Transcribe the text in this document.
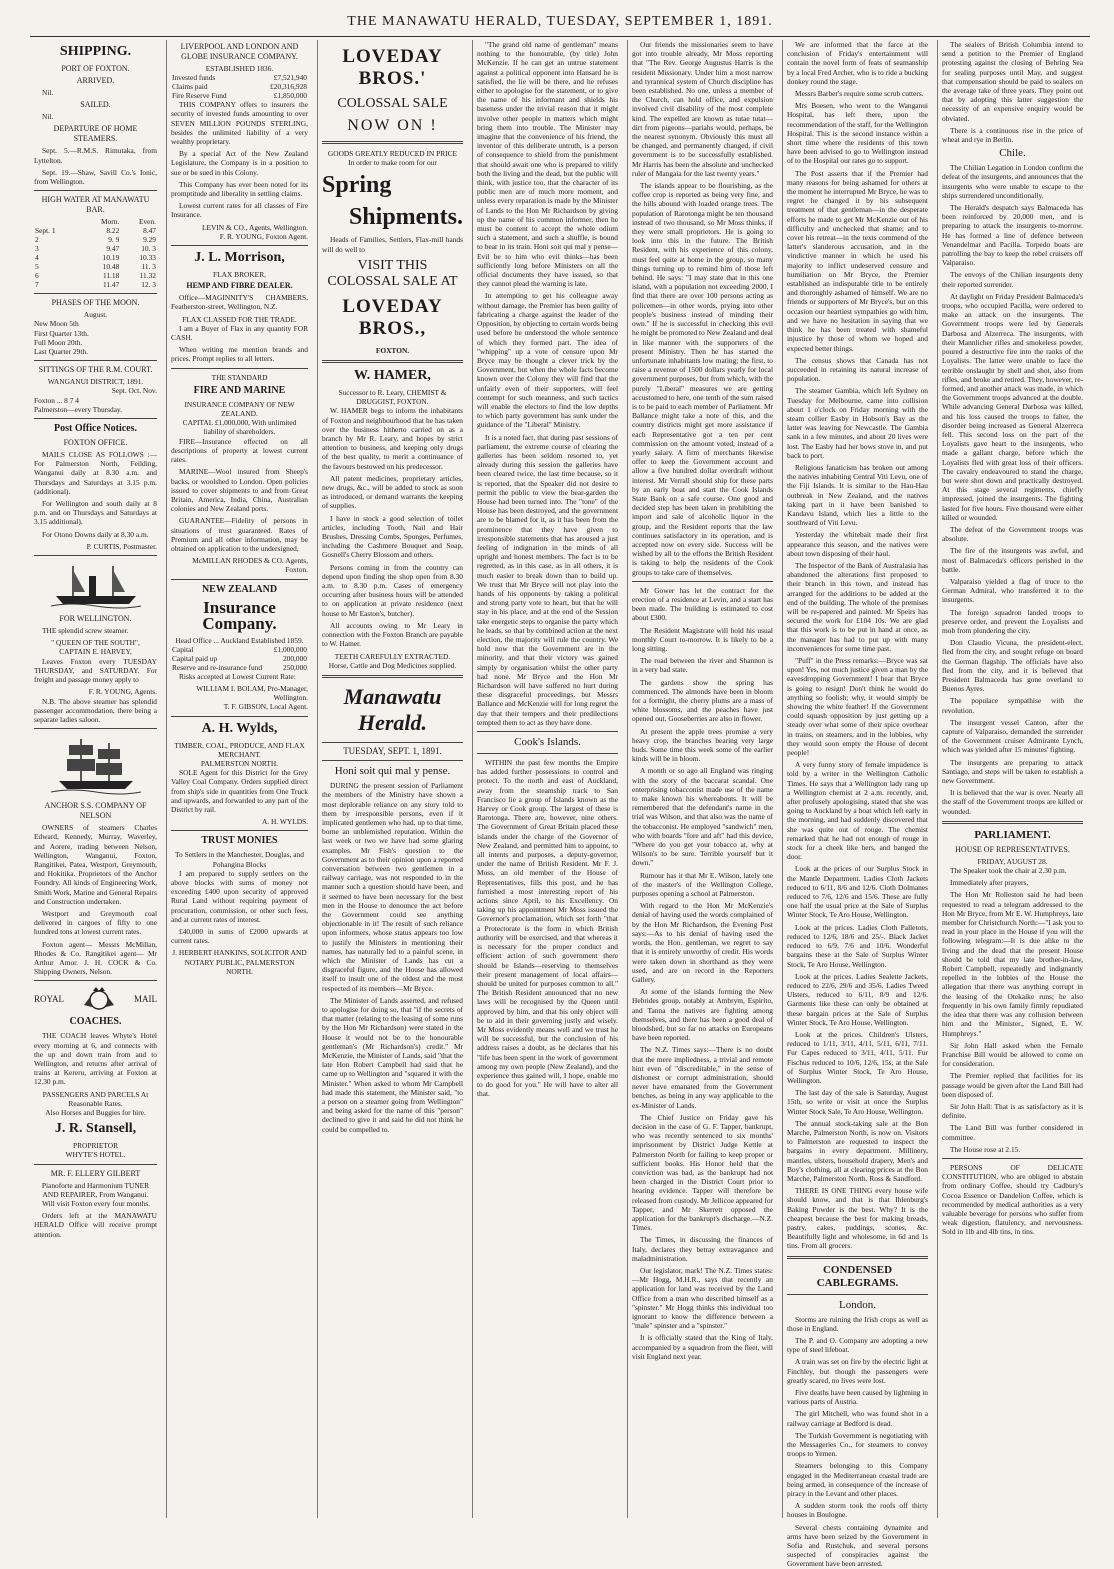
THE MANAWATU HERALD, TUESDAY, SEPTEMBER 1, 1891.
SHIPPING.
PORT OF FOXTON.
ARRIVED.

Nil.

SAILED.

Nil.

DEPARTURE OF HOME STEAMERS.

Sept. 5.—R.M.S. Rimutaka, from Lyttelton.

Sept. 19.—Shaw, Savill Co.'s Ionic, from Wellington.

HIGH WATER AT MANAWATU BAR.
		Morn.	Even.
Sept. 1		8.22	8.47
2		9. 9	9.29
3		9.47	10. 3
4		10.19	10.33
5		10.48	11. 3
6		11.18	11.32
7		11.47	12. 3
PHASES OF THE MOON.
August.
New Moon 5th
First Quarter 13th.
Full Moon 20th.
Last Quarter 29th.
SITTINGS OF THE R.M. COURT.
WANGANUI DISTRICT, 1891.
Sept. Oct. Nov.
Foxton ... 8 7 4
Palmerston—every Thursday.
Post Office Notices.
FOXTON OFFICE.

MAILS CLOSE AS FOLLOWS :— For Palmerston North, Feilding, Wanganui daily at 8.30 a.m. and Thursdays and Saturdays at 3.15 p.m. (additional).

For Wellington and south daily at 8 p.m. and on Thursdays and Saturdays at 3.15 additional).

For Otono Downs daily at 8.30 a.m.

P. CURTIS, Postmaster.
FOR WELLINGTON.

THE splendid screw steamer.

" QUEEN OF THE SOUTH",
CAPTAIN E. HARVEY,

Leaves Foxton every TUESDAY THURSDAY, and SATURDAY. For freight and passage money apply to

F. R. YOUNG, Agents.

N.B. The above steamer has splendid passenger accommodation, there being a separate ladies saloon.

ANCHOR S.S. COMPANY OF NELSON

OWNERS of steamers Charles Edward, Kennedy, Murray, Waverley, and Aorere, trading between Nelson, Wellington, Wanganui, Foxton, Rangitikei, Patea, Westport, Greymouth, and Hokitika. Proprietors of the Anchor Foundry. All kinds of Engineering Work, Smith Work, Marine and General Repairs and Construction undertaken.

Westport and Greymouth coal delivered in cargoes of fifty to one hundred tons at lowest current rates.

Foxton agent— Messrs McMillan, Rhodes & Co. Rangitikei agent— Mr Arthur Amor. J. H. COCK & Co. Shipping Owners, Nelson.

ROYAL	MAIL
COACHES.

THE COACH leaves Whyte's Hotel every morning at 6, and connects with the up and down train from and to Wellington, and returns after arrival of trains at Kereru, arriving at Foxton at 12.30 p.m.

PASSENGERS AND PARCELS At Reasonable Rates.
Also Horses and Buggies for hire.
J. R. Stansell,
PROPRIETOR
WHYTE'S HOTEL.
MR. F. ELLERY GILBERT
Pianoforte and Harmonium TUNER AND REPAIRER, From Wanganui.

Will visit Foxton every four months.

Orders left at the MANAWATU HERALD Office will receive prompt attention.

LIVERPOOL AND LONDON AND GLOBE INSURANCE COMPANY.
ESTABLISHED 1836.
Invested funds	£7,521,940
Claims paid	£20,316,928
Fire Reserve Fund	£1,850,000

THIS COMPANY offers to insurers the security of invested funds amounting to over SEVEN MILLION POUNDS STERLING, besides the unlimited liability of a very wealthy proprietary.

By a special Act of the New Zealand Legislature, the Company is in a position to sue or be sued in this Colony.

This Company has ever been noted for its promptitude and liberality in settling claims.

Lowest current rates for all classes of Fire Insurance.

LEVIN & CO., Agents, Wellington.
F. R. YOUNG, Foxton Agent.
J. L. Morrison,
FLAX BROKER,
HEMP AND FIBRE DEALER.

Office—MAGINNITY'S CHAMBERS, Featherston-street, Wellington, N.Z.

FLAX CLASSED FOR THE TRADE.

I am a Buyer of Flax in any quantity FOR CASH.

When writing me mention brands and prices. Prompt replies to all letters.

THE STANDARD
FIRE AND MARINE
INSURANCE COMPANY OF NEW ZEALAND.
CAPITAL £1,000,000, With unlimited liability of shareholders.

FIRE—Insurance effected on all descriptions of property at lowest current rates.

MARINE—Wool insured from Sheep's backs, or woolshed to London. Open policies issued to cover shipments to and from Great Britain, America, India, China, Australian colonies and New Zealand ports.

GUARANTEE—Fidelity of persons in situations of trust guaranteed. Rates of Premium and all other information, may be obtained on application to the undersigned,

McMILLAN RHODES & CO. Agents, Foxton.
NEW ZEALAND
Insurance Company.
Head Office ... Auckland Established 1859.
Capital	£1,000,000
Capital paid up	200,000
Reserve and re-insurance fund	250,000

Risks accepted at Lowest Current Rate:

WILLIAM I. BOLAM, Pro-Manager, Wellington.
T. F. GIBSON, Local Agent.
A. H. Wylds,
TIMBER, COAL, PRODUCE, AND FLAX MERCHANT.
PALMERSTON NORTH.

SOLE Agent for this District for the Grey Valley Coal Company. Orders supplied direct from ship's side in quantities from One Truck and upwards, and forwarded to any part of the District by rail.

A. H. WYLDS.
TRUST MONIES
To Settlers in the Manchester, Douglas, and Pohangina Blocks

I am prepared to supply settlers on the above blocks with sums of money not exceeding £400 upon security of approved Rural Land without requiring payment of procuration, commission, or other such fees, and at current rates of interest.

£40,000 in sums of £2000 upwards at current rates.

J. HERBERT HANKINS, SOLICITOR AND NOTARY PUBLIC, PALMERSTON NORTH.
LOVEDAY BROS.'
COLOSSAL SALE
NOW ON !
GOODS GREATLY REDUCED IN PRICE
In order to make room for our
Spring
Shipments.

Heads of Families, Settlers, Flax-mill hands will do well to

VISIT THIS COLOSSAL SALE AT
LOVEDAY BROS.,
FOXTON.
W. HAMER,
Successor to R. Leary, CHEMIST & DRUGGIST, FOXTON.

W. HAMER begs to inform the inhabitants of Foxton and neighbourhood that he has taken over the business hitherto carried on as a branch by Mr R. Leary, and hopes by strict attention to business, and keeping only drugs of the best quality, to merit a continuance of the favours bestowed on his predecessor.

All patent medicines, proprietary articles, new drugs, &c., will be added to stock as soon as introduced, or demand warrants the keeping of supplies.

I have in stock a good selection of toilet articles, including Tooth, Nail and Hair Brushes, Dressing Combs, Sponges, Perfumes, including the Cashmere Bouquet and Soap, Gosnell's Cherry Blossom and others.

Persons coming in from the country can depend upon finding the shop open from 8.30 a.m. to 8.30 p.m. Cases of emergency occurring after business hours will be attended to on application at private residence (next house to Mr Easton's, butcher).

All accounts owing to Mr Leary in connection with the Foxton Branch are payable to W. Hamer.

TEETH CAREFULLY EXTRACTED.
Horse, Cattle and Dog Medicines supplied.
Manawatu Herald.
TUESDAY, SEPT. 1, 1891.
Honi soit qui mal y pense.

DURING the present session of Parliament the members of the Ministry have shown a most deplorable reliance on any story told to them by irresponsible persons, even if it implicated gentlemen who had, up to that time, borne an unblemished reputation. Within the last week or two we have had some glaring examples. Mr Fish's question to the Government as to their opinion upon a reported conversation between two gentlemen in a railway carriage, was not responded to in the manner such a question should have been, and it seemed to have been necessary for the best men in the House to denounce the act before the Government could see anything objectionable in it! The result of such reliance upon informers, whose status appears too low to justify the Ministers in mentioning their names, has naturally led to a painful scene, in which the Minister of Lands has cut a disgraceful figure, and the House has allowed itself to insult one of the oldest and the most respected of its members—Mr Bryce.

The Minister of Lands asserted, and refused to apologise for doing so, that "if the secrets of that matter (relating to the leasing of some runs by the Hon Mr Richardson) were stated in the House it would not be to the honourable gentleman's (Mr Richardson's) credit." Mr McKenzie, the Minister of Lands, said "that the late Hon Robert Campbell had said that he came up to Wellington and "squared it with the Minister." When asked to whom Mr Campbell had made this statement, the Minister said, "to a person on a steamer going from Wellington" and being asked for the name of this "person" declined to give it and said he did not think he could be compelled to.

"The grand old name of gentleman" means nothing to the honourable, (by title) John McKenzie. If he can get an untrue statement against a political opponent into Hansard he is satisfied, the lie will be there, and he refuses either to apologise for the statement, or to give the name of his informant and shields his baseness under the trivial reason that it might involve other people in matters which might bring them into trouble. The Minister may imagine that the convenience of his friend, the inventor of this deliberate untruth, is a person of consequence to shield from the punishment that should await one who is prepared to vilify both the living and the dead, but the public will think, with justice too, that the character of its public men are of much more moment, and unless every reparation is made by the Minister of Lands to the Hon Mr Richardson by giving up the name of his common informer, then he must be content to accept the whole odium such a statement, and such a shuffle, is bound to bear in its train. Honi soit qui mal y pense—Evil be to him who evil thinks—has been sufficiently long before Ministers on all the official documents they have issued, so that they cannot plead the warning is late.

In attempting to get his colleague away without damage, the Premier has been guilty of fabricating a charge against the leader of the Opposition, by objecting to certain words being used before he understood the whole sentence of which they formed part. The idea of "whipping" up a vote of censure upon Mr Bryce may be thought a clever trick by the Government, but when the whole facts become known over the Colony they will find that the unfairly even of their supporters, will feel contempt for such meanness, and such tactics will enable the electors to find the low depths to which party government has sunk under the guidance of the "Liberal" Ministry.

It is a noted fact, that during past sessions of parliament, the extreme course of clearing the galleries has been seldom resorted to, yet already during this session the galleries have been cleared twice, the last time because, so it is reported, that the Speaker did not desire to permit the public to view the bear-garden the House had been turned into. The "tone" of the House has been destroyed, and the government are to be blamed for it, as it has been from the prominence that they have given to irresponsible statements that has aroused a just feeling of indignation in the minds of all upright and honest members. The fact is to be regretted, as in this case, as in all others, it is much easier to break down than to build up. We trust that Mr Bryce will not play into the hands of his opponents by taking a political and strong party vote to heart, but that he will stay in his place, and at the end of the Session take energetic steps to organise the party which he leads, so that by combined action at the next election, the majority will rule the country. We hold now that the Government are in the minority, and that their victory was gained simply by organisation whilst the other party had none. Mr Bryce and the Hon Mr Richardson will have suffered no hurt during these disgraceful proceedings, but Messrs Ballance and McKenzie will for long regret the day that their tempers and their predilections tempted them to act as they have done.

Cook's Islands.

WITHIN the past few months the Empire has added further possessions to control and protect. To the north and east of Auckland, away from the steamship track to San Francisco lie a group of Islands known as the Harvey or Cook group. The largest of these is Rarotonga. There are, however, nine others. The Government of Great Britain placed these islands under the charge of the Governor of New Zealand, and permitted him to appoint, to all intents and purposes, a deputy-governor, under the name of British Resident. Mr F. J. Moss, an old member of the House of Representatives, fills this post, and he has furnished a most interesting report of his actions since April, to his Excellency. On taking up his appointment Mr Moss issued the Governor's proclamation, which set forth "that a Protectorate is the form in which British authority will be exercised, and that whereas it is necessary for the proper conduct and efficient action of such government there should be Islands—reserving to themselves their present management of local affairs—should be united for purposes common to all." The British Resident announced that no new laws will be recognised by the Queen until approved by him, and that his only object will be to aid in their governing justly and wisely. Mr Moss evidently means well and we trust he will be successful, but the conclusion of his address raises a doubt, as he declares that his "life has been spent in the work of government among my own people (New Zealand), and the experience thus gained will, I hope, enable me to do good for you." He will have to alter all that.

Our friends the missionaries seem to have got into trouble already, Mr Moss reporting that "The Rev. George Augustus Harris is the resident Missionary. Under him a most narrow and tyrannical system of Church discipline has been established. No one, unless a member of the Church, can hold office, and expulsion involved civil disability of the most complete kind. The expelled are known as tutae tutat—dirt from pigeons—pariahs would, perhaps, be the nearest synonym. Obviously this must all be changed, and permanently changed, if civil government is to be successfully established. Mr Harris has been the absolute and unchecked ruler of Mangaia for the last twenty years."

The islands appear to be flourishing, as the coffee crop is reported as being very fine, and the hills abound with loaded orange trees. The population of Rarotonga might be ten thousand instead of two thousand, so Mr Moss thinks, if they were small proprietors. He is going to look into this in the future. The British Resident, with his experience of this colony, must feel quite at home in the group, so many things turning up to remind him of those left behind. He says: "I may state that in this one island, with a population not exceeding 2000, I find that there are over 100 persons acting as policemen—in other words, prying into other people's business instead of minding their own." If he is successful in checking this evil he might be promoted to New Zealand and deal in like manner with the supporters of the present Ministry. Then he has started the unfortunate inhabitants low mating; the first, to raise a revenue of 1500 dollars yearly for local government purposes, but from which, with the purely "Liberal" measures we are getting accustomed to here, one tenth of the sum raised is to be paid to each member of Parliament. Mr Ballance might take a note of this, and the country districts might get more assistance if each Representative got a ten per cent commission on the amount voted, instead of a yearly salary. A firm of merchants likewise offer to keep the Government account and allow a five hundred dollar overdraft without interest. Mr Verrall should ship for these parts by an early boat and start the Cook Islands State Bank on a safe course. One good and decided step has been taken in prohibiting the import and sale of alcoholic liquor in the group, and the Resident reports that the law continues satisfactory in its operation, and is accepted now on every side. Success will be wished by all to the efforts the British Resident is taking to help the residents of the Cook groups to take care of themselves.

Mr Gower has let the contract for the erection of a residence at Levin, and a start has been made. The building is estimated to cost about £300.

The Resident Magistrate will hold his usual monthly Court to-morrow. It is likely to be a long sitting.

The road between the river and Shannon is in a very bad state.

The gardens show the spring has commenced. The almonds have been in bloom for a fortnight, the cherry plums are a mass of white blossoms, and the peaches have just opened out. Gooseberries are also in flower.

At present the apple trees promise a very heavy crop, the branches bearing very large buds. Some time this week some of the earlier kinds will be in bloom.

A month or so ago all England was ringing with the story of the baccarat scandal. One enterprising tobacconist made use of the name to make known his whereabouts. It will be remembered that the defendant's name in the trial was Wilson, and that also was the name of the tobacconist. He employed "sandwich" men, who with boards "fore and aft" had this device, "Where do you get your tobacco at, why at Wilson's to be sure. Terrible yourself but it down."

Rumour has it that Mr E. Wilson, lately one of the master's of the Wellington College, purposes opening a school at Palmerston.

With regard to the Hon Mr McKenzie's denial of having used the words complained of by the Hon Mr Richardson, the Evening Post says:—As to his denial of having used the words, the Hon. gentleman, we regret to say that it is entirely unworthy of credit. His words were taken down in shorthand as they were used, and are on record in the Reporters Gallery.

At some of the islands forming the New Hebrides group, notably at Ambrym, Espirito, and Tanna the natives are fighting among themselves, and there has been a good deal of bloodshed, but so far no attacks on Europeans have been reported.

The N.Z. Times says:—There is no doubt that the mere impliedness, a trivial and remote hint even of "discreditable," in the sense of dishonest or corrupt administration, should never have emanated from the Government benches, as being in any way applicable to the ex-Minister of Lands.

The Chief Justice on Friday gave his decision in the case of G. F. Tapper, bankrupt, who was recently sentenced to six months' imprisonment by District Judge Kettle at Palmerston North for failing to keep proper or sufficient books. His Honor held that the conviction was bad, as the bankrupt had not been charged in the District Court prior to hearing evidence. Tapper will therefore be released from custody. Mr Jellicoe appeared for Tapper, and Mr Skerrett opposed the application for the bankrupt's discharge.—N.Z. Times.

The Times, in discussing the finances of Italy, declares they betray extravagance and maladministration.

Our legislator, mark! The N.Z. Times states:—Mr Hogg, M.H.R., says that recently an application for land was received by the Land Office from a man who described himself as a "spinster." Mr Hogg thinks this individual too ignorant to know the difference between a "male" spinster and a "spinster."

It is officially stated that the King of Italy, accompanied by a squadron from the fleet, will visit England next year.

We are informed that the farce at the conclusion of Friday's entertainment will contain the novel form of feats of seamanship by a local Fred Archer, who is to ride a bucking donkey round the stage.

Messrs Barber's require some scrub cutters.

Mrs Boesen, who went to the Wanganui Hospital, has left there, upon the recommendation of the staff, for the Wellington Hospital. This is the second instance within a short time where the residents of this town have been advised to go to Wellington instead of to the Hospital our rates go to support.

The Post asserts that if the Premier had many reasons for being ashamed for others at the moment he interrupted Mr Bryce, he was to regret he changed it by his subsequent treatment of that gentleman—in the desperate efforts he made to get Mr McKenzie out of his difficulty and unchecked that shame; and to cover his retreat—in the texts commend of the latter's slanderous accusation, and in the vindictive manner in which he used his majority to inflict undeserved censure and humiliation on Mr Bryce, the Premier established an indisputable title to be entirely and thoroughly ashamed of himself. We are no friends or supporters of Mr Bryce's, but on this occasion our heartiest sympathies go with him, and we have no hesitation in saying that we think he has been treated with shameful injustice by those of whom we hoped and expected better things.

The census shows that Canada has not succeeded in retaining its natural increase of population.

The steamer Gambia, which left Sydney on Tuesday for Melbourne, came into collision about 1 o'clock on Friday morning with the steam collier Easby in Hobson's Bay as the latter was leaving for Newcastle. The Gambia sank in a few minutes, and about 20 lives were lost. The Easby had her bows stove in, and put back to port.

Religious fanaticism has broken out among the natives inhabiting Central Viti Levu, one of the Fiji Islands. It is similar to the Hau-Hau outbreak in New Zealand, and the natives taking part in it have been banished to Kandavu Island, which lies a little to the southward of Viti Levu.

Yesterday the whitebait made their first appearance this season, and the natives were about town disposing of their haul.

The Inspector of the Bank of Australasia has abandoned the alterations first proposed to their branch in this town, and instead has arranged for the additions to be added at the end of the building. The whole of the premises will be re-papered and painted. Mr Speirs has secured the work for £104 10s. We are glad that this work is to be put in hand at once, as the manager has had to put up with many inconveniences for some time past.

"Puff" in the Press remarks:—Bryce was sat upon! Yes, not much justice given a man by the eavesdropping Government! I hear that Bryce is going to resign! Don't think he would do anything so foolish; why, it would simply be showing the white feather! If the Government could squash opposition by just getting up a steady over what some of their spice overhear in trains, on steamers, and in the lobbies, why they would soon empty the House of decent people!

A very funny story of female impudence is told by a writer in the Wellington Catholic Times. He says that a Wellington lady rang up a Wellington chemist at 2 a.m. recently, and, after profusely apologising, stated that she was going to Auckland by a boat which left early in the morning, and had suddenly discovered that she was quite out of rouge. The chemist remarked that he had not enough of rouge in stock for a cheek like hers, and banged the door.

Look at the prices of our Surplus Stock in the Mantle Department. Ladies Cloth Jackets reduced to 6/11, 8/6 and 12/6. Cloth Dolmanes reduced to 7/6, 12/6 and 15/6. These are fully one half the usual price at the Sale of Surplus Winter Stock, Te Aro House, Wellington.

Look at the prices. Ladies Cloth Palletots, reduced to 12/6, 18/6 and 25/-. Black Jacket reduced to 6/9, 7/6 and 10/6. Wonderful bargains these at the Sale of Surplus Winter Stock, Te Aro House, Wellington.

Look at the prices. Ladies Sealette Jackets, reduced to 22/6, 29/6 and 35/6. Ladies Tweed Ulsters, reduced to 6/11, 8/9 and 12/6. Garments like these can only be obtained at these bargain prices at the Sale of Surplus Winter Stock, Te Aro House, Wellington.

Look at the prices. Children's Ulsters, reduced to 1/11, 3/11, 4/11, 5/11, 6/11, 7/11. Fur Capes reduced to 3/11, 4/11, 5/11. Fur Fischus reduced to 10/6, 12/6, 15s, at the Sale of Surplus Winter Stock, Te Aro House, Wellington.

The last day of the sale is Saturday, August 15th, so write or visit at once the Surplus Winter Stock Sale, Te Aro House, Wellington.

The annual stock-taking sale at the Bon Marche, Palmerston North, is now on. Visitors to Palmerston are requested to inspect the bargains in every department. Millinery, mantles, ulsters, household drapery, Men's and Boy's clothing, all at clearing prices at the Bon Marche, Palmerston North. Ross & Sandford.

THERE IS ONE THING every house wife should know, and that is that Ihlenburg's Baking Powder is the best. Why? It is the cheapest because the best for making breads, pastry, cakes, puddings, scones, &c. Beautifully light and wholesome, in 6d and 1s tins. From all grocers.

CONDENSED CABLEGRAMS.
London.

Storms are ruining the Irish crops as well as those in England.

The P. and O. Company are adopting a new type of steel lifeboat.

A train was set on fire by the electric light at Finchley, but though the passengers were greatly scared, no lives were lost.

Five deaths have been caused by lightning in various parts of Austria.

The girl Mitchell, who was found shot in a railway carriage at Bedford is dead.

The Turkish Government is negotiating with the Messageries Co., for steamers to convey troops to Yemen.

Steamers belonging to this Company engaged in the Mediterranean coastal trade are being armed, in consequence of the increase of piracy in the Levant and other places.

A sudden storm took the roofs off thirty houses in Boulogne.

Several chests containing dynamite and arms have been seized by the Government in Sofia and Rustchuk, and several persons suspected of conspiracies against the Government have been arrested.

The sealers of British Columbia intend to send a petition to the Premier of England protesting against the closing of Behring Sea for sealing purposes until May, and suggest that compensation should be paid to sealers on the average take of three years. They point out that by adopting this latter suggestion the necessity of an expensive enquiry would be obviated.

There is a continuous rise in the price of wheat and rye in Berlin.

Chile.

The Chilian Legation in London confirm the defeat of the insurgents, and announces that the insurgents who were unable to escape to the ships surrendered unconditionally.

The Herald's despatch says Balmaceda has been reinforced by 20,000 men, and is preparing to attack the insurgents to-morrow. He has formed a line of defence between Venandelmar and Pacilla. Torpedo boats are patrolling the bay to keep the rebel cruisers off Valparaiso.

The envoys of the Chilian insurgents deny their reported surrender.

At daylight on Friday President Balmaceda's troops, who occupied Pacilla, were ordered to make an attack on the insurgents. The Government troops were led by Generals Darbosa and Alzerreca. The insurgents, with their Mannlicher rifles and smokeless powder, poured a destructive fire into the ranks of the Loyalists. The latter were unable to face the terrible onslaught by shell and shot, also from rifles, and broke and retired. They, however, re-formed, and another attack was made, in which the Government troops advanced at the double. While advancing General Darbosa was killed, and his loss caused the troops to falter, the disorder being increased as General Alzerreca fell. This second loss on the part of the Loyalists gave heart to the insurgents, who made a gallant charge, before which the Loyalists fled with great loss of their officers. The cavalry endeavoured to stand the charge, but were shot down and practically destroyed. At this stage several regiments, chiefly impressed, joined the insurgents. The fighting lasted for five hours. Five thousand were either killed or wounded.

The defeat of the Government troops was absolute.

The fire of the insurgents was awful, and most of Balmaceda's officers perished in the battle.

Valparaiso yielded a flag of truce to the German Admiral, who transferred it to the insurgents.

The foreign squadron landed troops to preserve order, and prevent the Loyalists and mob from plundering the city.

Don Claudio Vicuna, the president-elect, fled from the city, and sought refuge on board the German flagship. The officials have also fled from the city, and it is believed that President Balmaceda has gone overland to Buenos Ayres.

The populace sympathise with the revolution.

The insurgent vessel Canton, after the capture of Valparaiso, demanded the surrender of the Government cruiser Admirante Lynch, which was yielded after 15 minutes' fighting.

The insurgents are preparing to attack Santiago, and steps will be taken to establish a new Government.

It is believed that the war is over. Nearly all the staff of the Government troops are killed or wounded.

PARLIAMENT.
HOUSE OF REPRESENTATIVES.
FRIDAY, AUGUST 28.

The Speaker took the chair at 2.30 p.m.

Immediately after prayers,

The Hon Mr Rolleston said he had been requested to read a telegram addressed to the Hon Mr Bryce, from Mr E. W. Humphreys, late member for Christchurch North:—"I ask you to read in your place in the House if you will the following telegram:—It is due alike to the living and the dead that the present House should be told that my late brother-in-law, Robert Campbell, repeatedly and indignantly repelled in the lobbies of the House the allegation that there was anything corrupt in the leasing of the Otekaike runs; he also frequently in his own family firmly repudiated the idea that there was any collusion between him and the Minister., Signed, E. W. Humphreys."

Sir John Hall asked when the Female Franchise Bill would be allowed to come on for consideration.

The Premier replied that facilities for its passage would be given after the Land Bill had been disposed of.

Sir John Hall: That is as satisfactory as it is definite.

The Land Bill was further considered in committee.

The House rose at 2.15.

PERSONS OF DELICATE CONSTITUTION, who are obliged to abstain from ordinary Coffee, should try Cadbury's Cocoa Essence or Dandelion Coffee, which is recommended by medical authorities as a very valuable beverage for persons who suffer from weak digestion, flatulency, and nervousness. Sold in 1lb and 4lb tins, in tins.
